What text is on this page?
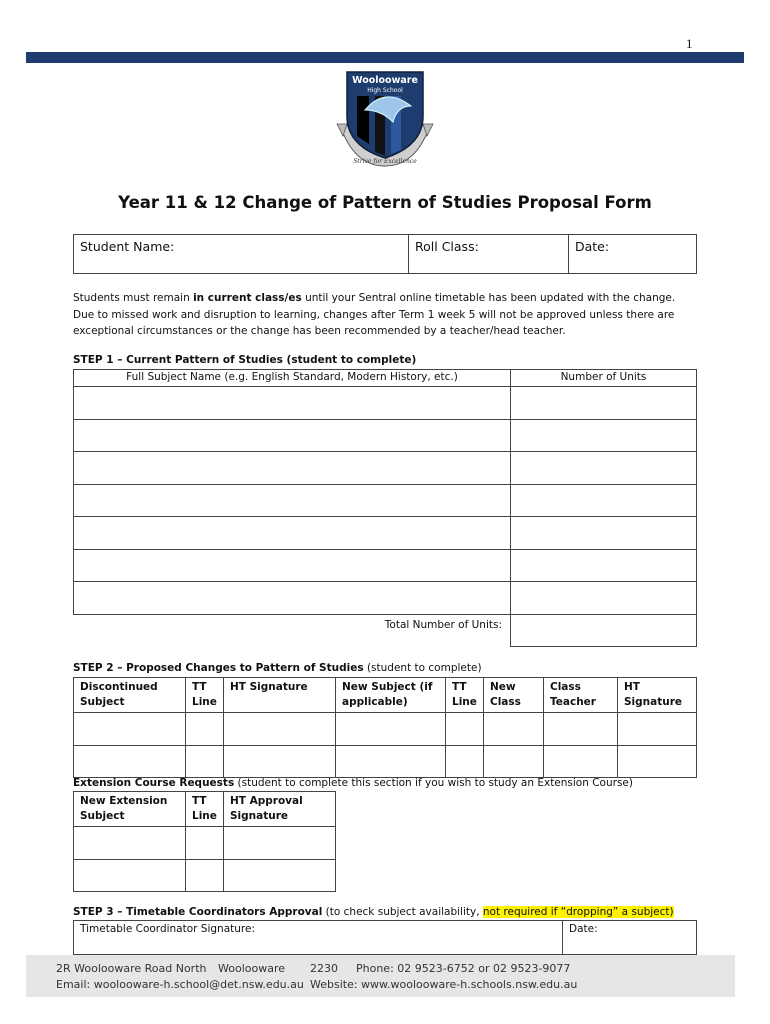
1
Woolooware
High School
Strive for Excellence
Year 11 & 12 Change of Pattern of Studies Proposal Form
Student Name:	Roll Class:	Date:

Students must remain in current class/es until your Sentral online timetable has been updated with the change.

Due to missed work and disruption to learning, changes after Term 1 week 5 will not be approved unless there are

exceptional circumstances or the change has been recommended by a teacher/head teacher.

STEP 1 – Current Pattern of Studies (student to complete)
Full Subject Name (e.g. English Standard, Modern History, etc.)	Number of Units

Total Number of Units:	
STEP 2 – Proposed Changes to Pattern of Studies (student to complete)
Discontinued Subject	TT Line	HT Signature	New Subject (if applicable)	TT Line	New Class	Class Teacher	HT Signature

Extension Course Requests (student to complete this section if you wish to study an Extension Course)
New Extension Subject	TT Line	HT Approval Signature

STEP 3 – Timetable Coordinators Approval (to check subject availability, not required if “dropping” a subject)
Timetable Coordinator Signature:	Date:
2R Woolooware Road North Woolooware 2230 Phone: 02 9523-6752 or 02 9523-9077
Email: woolooware-h.school@det.nsw.edu.au Website: www.woolooware-h.schools.nsw.edu.au
